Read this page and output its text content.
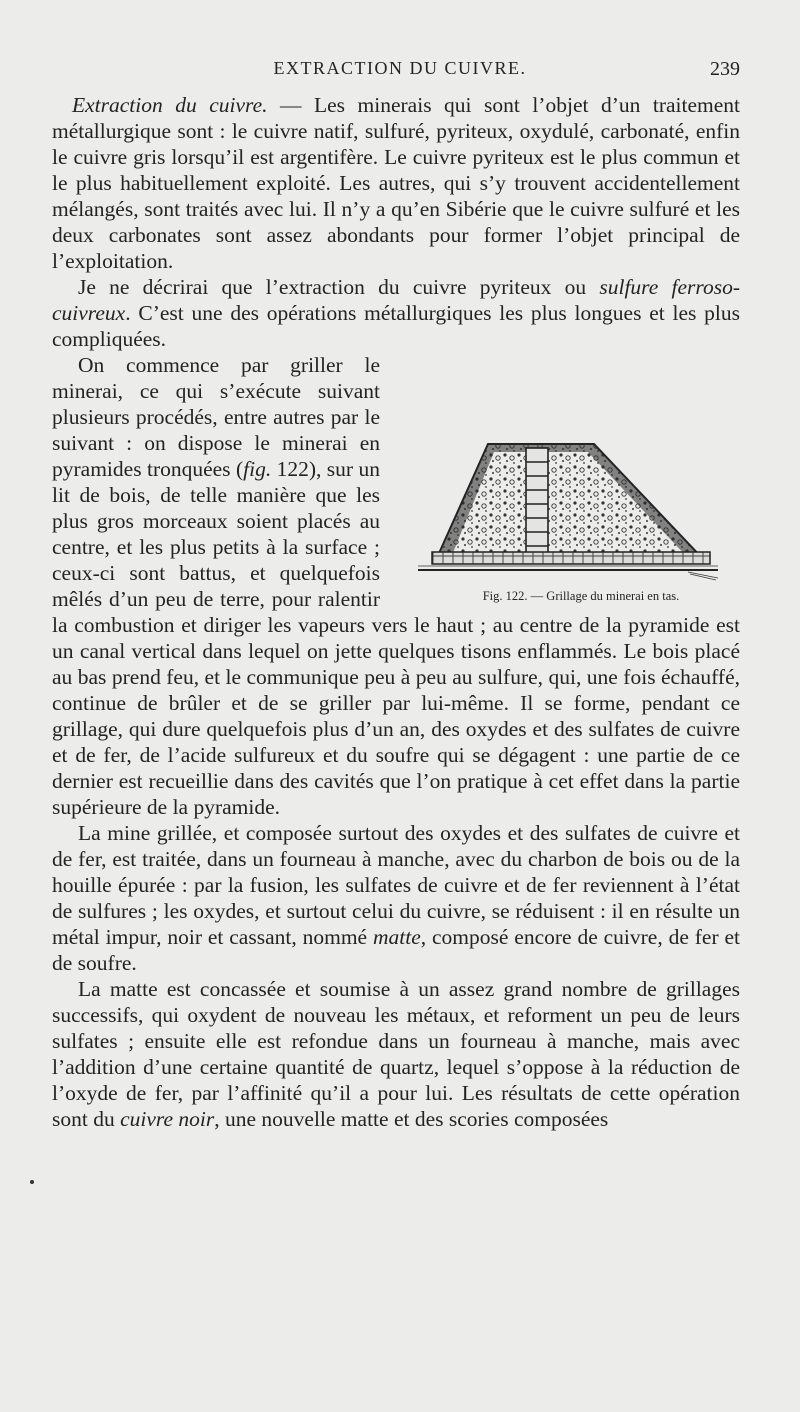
EXTRACTION DU CUIVRE.	239

Extraction du cuivre. — Les minerais qui sont l’objet d’un traitement métallurgique sont : le cuivre natif, sulfuré, pyriteux, oxydulé, carbonaté, enfin le cuivre gris lorsqu’il est argentifère. Le cuivre pyriteux est le plus commun et le plus habituellement exploité. Les autres, qui s’y trouvent accidentellement mélangés, sont traités avec lui. Il n’y a qu’en Sibérie que le cuivre sulfuré et les deux carbonates sont assez abondants pour former l’objet principal de l’exploitation.

Je ne décrirai que l’extraction du cuivre pyriteux ou sulfure ferroso-cuivreux. C’est une des opérations métallurgiques les plus longues et les plus compliquées.

Fig. 122. — Grillage du minerai en tas.
On commence par griller le minerai, ce qui s’exécute suivant plusieurs procédés, entre autres par le suivant : on dispose le minerai en pyramides tronquées (fig. 122), sur un lit de bois, de telle manière que les plus gros morceaux soient placés au centre, et les plus petits à la surface ; ceux-ci sont battus, et quelquefois mêlés d’un peu de terre, pour ralentir la combustion et diriger les vapeurs vers le haut ; au centre de la pyramide est un canal vertical dans lequel on jette quelques tisons enflammés. Le bois placé au bas prend feu, et le communique peu à peu au sulfure, qui, une fois échauffé, continue de brûler et de se griller par lui-même. Il se forme, pendant ce grillage, qui dure quelquefois plus d’un an, des oxydes et des sulfates de cuivre et de fer, de l’acide sulfureux et du soufre qui se dégagent : une partie de ce dernier est recueillie dans des cavités que l’on pratique à cet effet dans la partie supérieure de la pyramide.

La mine grillée, et composée surtout des oxydes et des sulfates de cuivre et de fer, est traitée, dans un fourneau à manche, avec du charbon de bois ou de la houille épurée : par la fusion, les sulfates de cuivre et de fer reviennent à l’état de sulfures ; les oxydes, et surtout celui du cuivre, se réduisent : il en résulte un métal impur, noir et cassant, nommé matte, composé encore de cuivre, de fer et de soufre.

La matte est concassée et soumise à un assez grand nombre de grillages successifs, qui oxydent de nouveau les métaux, et reforment un peu de leurs sulfates ; ensuite elle est refondue dans un fourneau à manche, mais avec l’addition d’une certaine quantité de quartz, lequel s’oppose à la réduction de l’oxyde de fer, par l’affinité qu’il a pour lui. Les résultats de cette opération sont du cuivre noir, une nouvelle matte et des scories composées
